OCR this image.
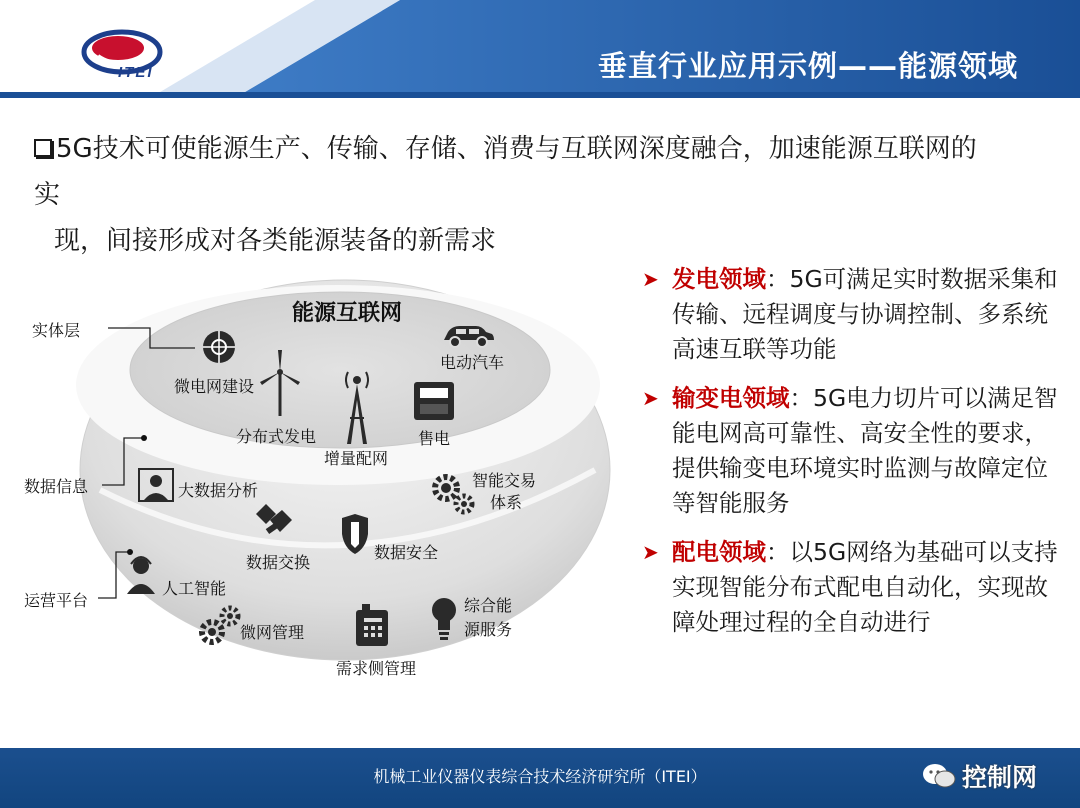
ITEI	垂直行业应用示例——能源领域
5G技术可使能源生产、传输、存储、消费与互联网深度融合，加速能源互联网的实
现，间接形成对各类能源装备的新需求
能源互联网
实体层
数据信息
运营平台
微电网建设
分布式发电
增量配网
售电
电动汽车
大数据分析
数据交换
数据安全
智能交易
体系
人工智能
微网管理
需求侧管理
综合能
源服务
➤ 发电领域：5G可满足实时数据采集和传输、远程调度与协调控制、多系统高速互联等功能
➤ 输变电领域：5G电力切片可以满足智能电网高可靠性、高安全性的要求，提供输变电环境实时监测与故障定位等智能服务
➤ 配电领域：以5G网络为基础可以支持实现智能分布式配电自动化，实现故障处理过程的全自动进行
机械工业仪器仪表综合技术经济研究所（ITEI）	控制网
